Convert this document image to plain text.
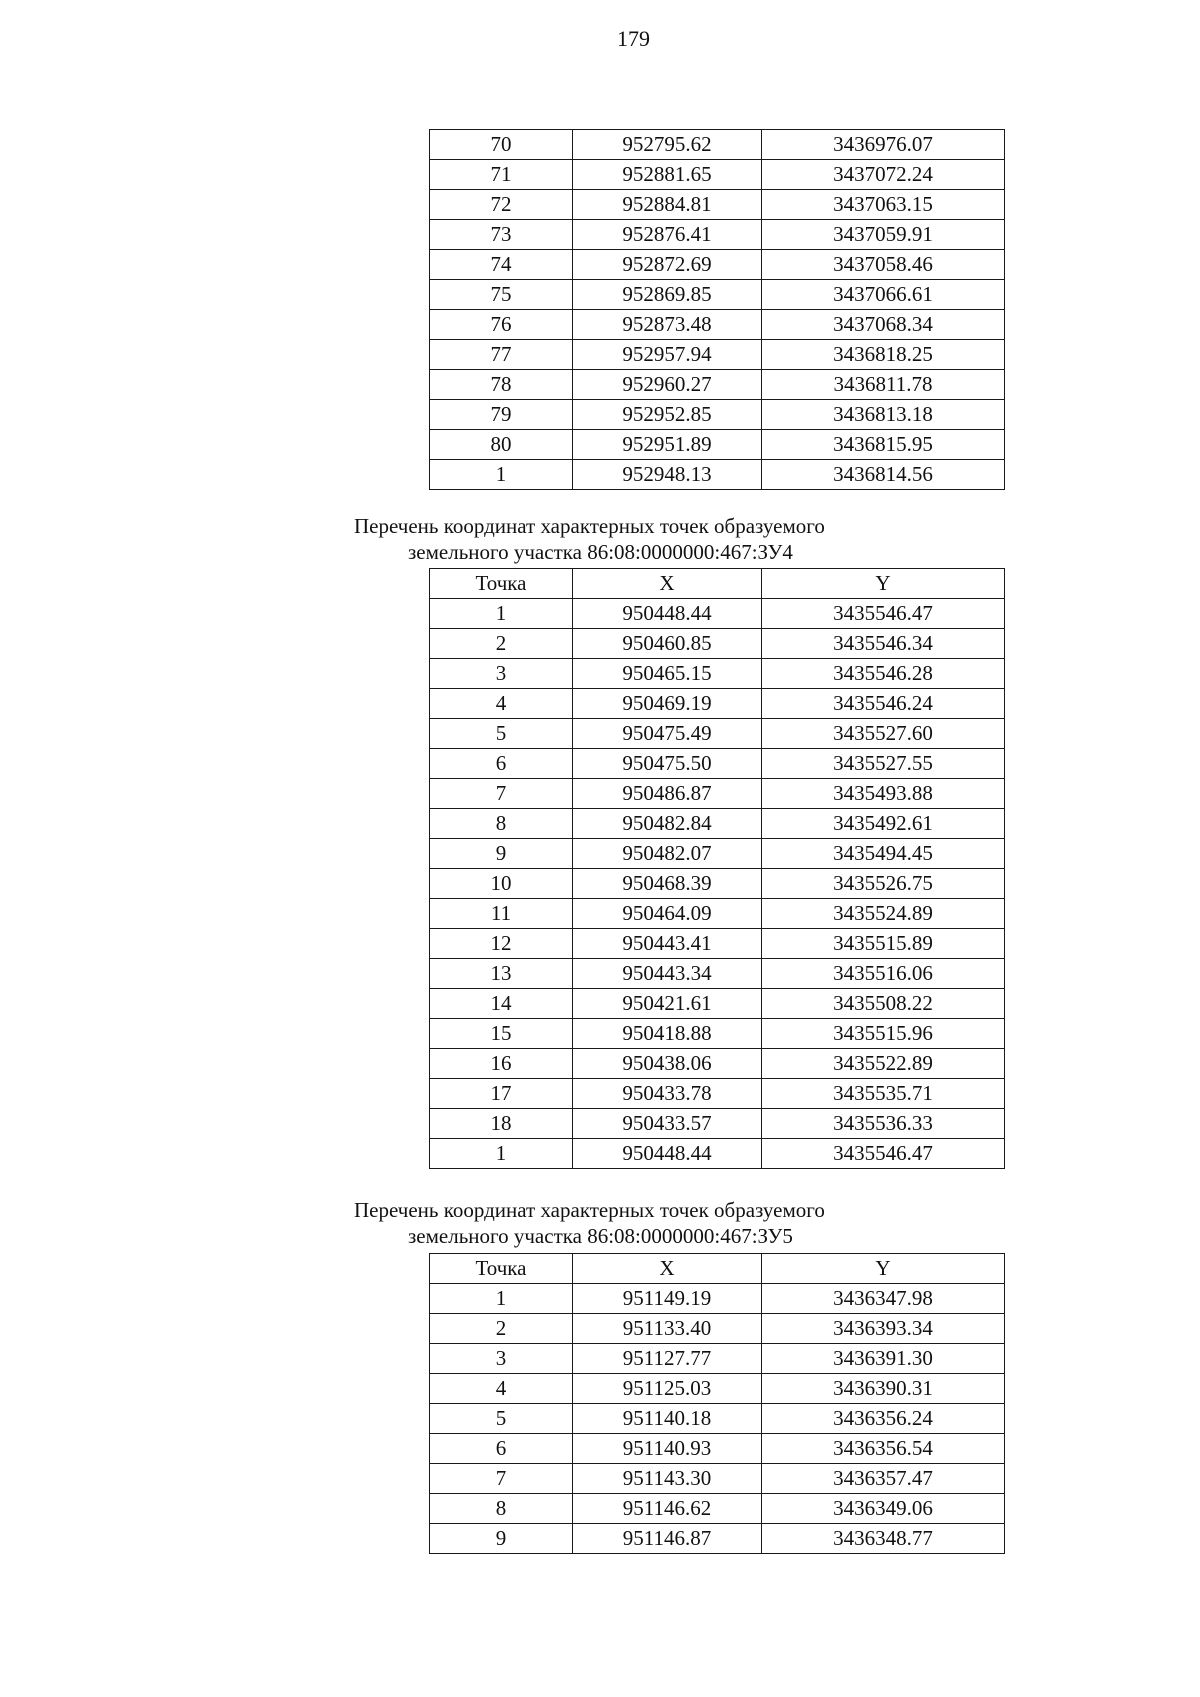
179
70	952795.62	3436976.07
71	952881.65	3437072.24
72	952884.81	3437063.15
73	952876.41	3437059.91
74	952872.69	3437058.46
75	952869.85	3437066.61
76	952873.48	3437068.34
77	952957.94	3436818.25
78	952960.27	3436811.78
79	952952.85	3436813.18
80	952951.89	3436815.95
1	952948.13	3436814.56
Перечень координат характерных точек образуемого
земельного участка 86:08:0000000:467:ЗУ4
Точка	X	Y
1	950448.44	3435546.47
2	950460.85	3435546.34
3	950465.15	3435546.28
4	950469.19	3435546.24
5	950475.49	3435527.60
6	950475.50	3435527.55
7	950486.87	3435493.88
8	950482.84	3435492.61
9	950482.07	3435494.45
10	950468.39	3435526.75
11	950464.09	3435524.89
12	950443.41	3435515.89
13	950443.34	3435516.06
14	950421.61	3435508.22
15	950418.88	3435515.96
16	950438.06	3435522.89
17	950433.78	3435535.71
18	950433.57	3435536.33
1	950448.44	3435546.47
Перечень координат характерных точек образуемого
земельного участка 86:08:0000000:467:ЗУ5
Точка	X	Y
1	951149.19	3436347.98
2	951133.40	3436393.34
3	951127.77	3436391.30
4	951125.03	3436390.31
5	951140.18	3436356.24
6	951140.93	3436356.54
7	951143.30	3436357.47
8	951146.62	3436349.06
9	951146.87	3436348.77
